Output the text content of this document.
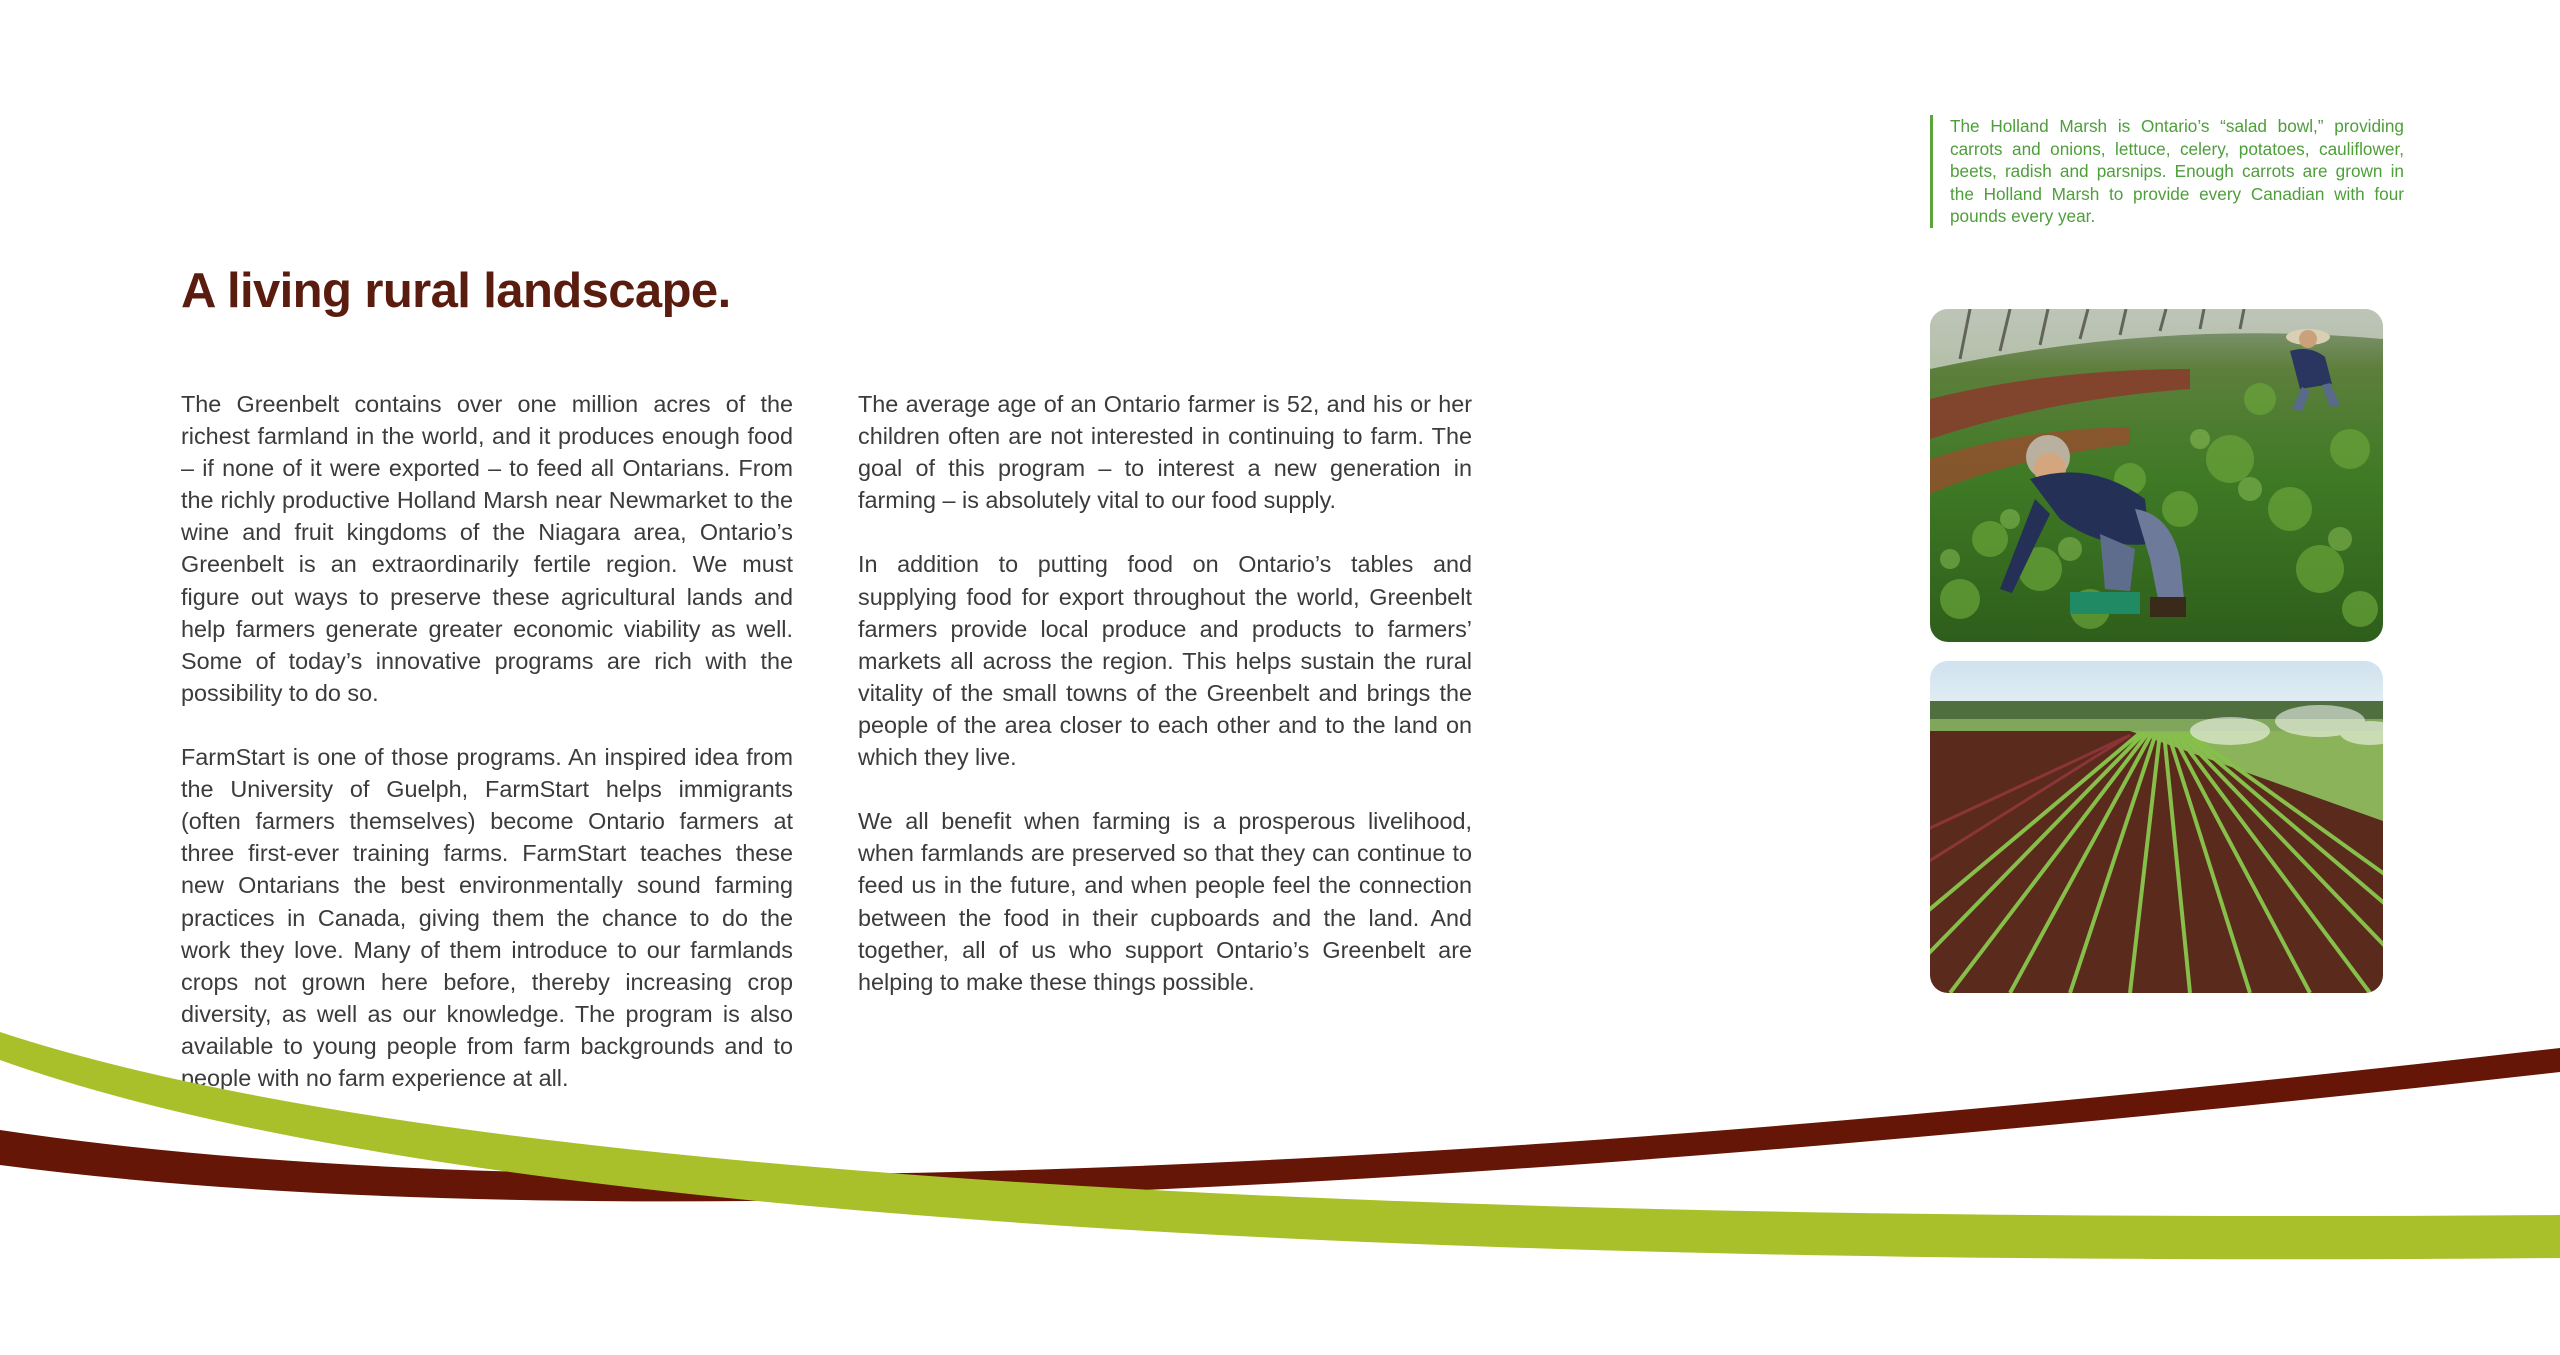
The Holland Marsh is Ontario’s “salad bowl,” providing carrots and onions, lettuce, celery, potatoes, cauliflower, beets, radish and parsnips. Enough carrots are grown in the Holland Marsh to provide every Canadian with four pounds every year.
A living rural landscape.

The Greenbelt contains over one million acres of the richest farmland in the world, and it produces enough food – if none of it were exported – to feed all Ontarians. From the richly productive Holland Marsh near Newmarket to the wine and fruit kingdoms of the Niagara area, Ontario’s Greenbelt is an extraordinarily fertile region. We must figure out ways to preserve these agricultural lands and help farmers generate greater economic viability as well. Some of today’s innovative programs are rich with the possibility to do so.

FarmStart is one of those programs. An inspired idea from the University of Guelph, FarmStart helps immigrants (often farmers themselves) become Ontario farmers at three first-ever training farms. FarmStart teaches these new Ontarians the best environmentally sound farming practices in Canada, giving them the chance to do the work they love. Many of them introduce to our farmlands crops not grown here before, thereby increasing crop diversity, as well as our knowledge. The program is also available to young people from farm backgrounds and to people with no farm experience at all.

The average age of an Ontario farmer is 52, and his or her children often are not interested in continuing to farm. The goal of this program – to interest a new generation in farming – is absolutely vital to our food supply.

In addition to putting food on Ontario’s tables and supplying food for export throughout the world, Greenbelt farmers provide local produce and products to farmers’ markets all across the region. This helps sustain the rural vitality of the small towns of the Greenbelt and brings the people of the area closer to each other and to the land on which they live.

We all benefit when farming is a prosperous livelihood, when farmlands are preserved so that they can continue to feed us in the future, and when people feel the connection between the food in their cupboards and the land. And together, all of us who support Ontario’s Greenbelt are helping to make these things possible.
